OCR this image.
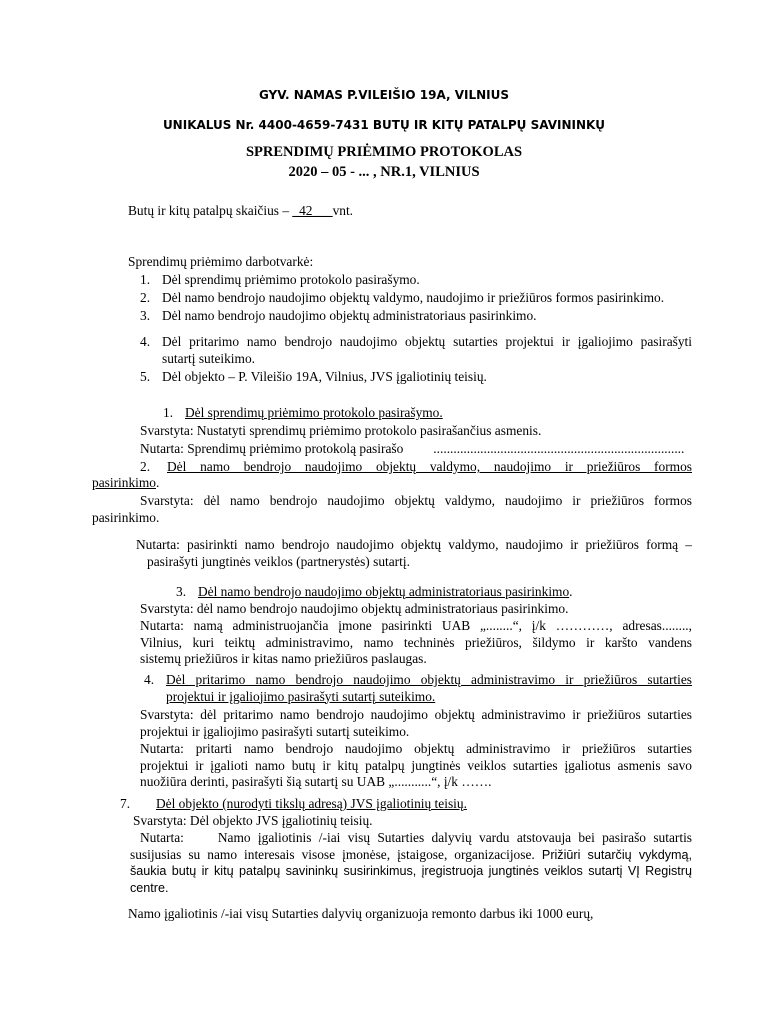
GYV. NAMAS P.VILEIŠIO 19A, VILNIUS
UNIKALUS Nr. 4400-4659-7431 BUTŲ IR KITŲ PATALPŲ SAVININKŲ
SPRENDIMŲ PRIĖMIMO PROTOKOLAS
2020 – 05 - ... , NR.1, VILNIUS
Butų ir kitų patalpų skaičius – _42___vnt.
Sprendimų priėmimo darbotvarkė:
1. Dėl sprendimų priėmimo protokolo pasirašymo.
2. Dėl namo bendrojo naudojimo objektų valdymo, naudojimo ir priežiūros formos pasirinkimo.
3. Dėl namo bendrojo naudojimo objektų administratoriaus pasirinkimo.
4. Dėl pritarimo namo bendrojo naudojimo objektų sutarties projektui ir įgaliojimo pasirašyti
sutartį suteikimo.
5. Dėl objekto – P. Vileišio 19A, Vilnius, JVS įgaliotinių teisių.
1. Dėl sprendimų priėmimo protokolo pasirašymo.
Svarstyta: Nustatyti sprendimų priėmimo protokolo pasirašančius asmenis.
Nutarta: Sprendimų priėmimo protokolą pasirašo ...........................................................................
2. Dėl namo bendrojo naudojimo objektų valdymo, naudojimo ir priežiūros formos
pasirinkimo.
Svarstyta: dėl namo bendrojo naudojimo objektų valdymo, naudojimo ir priežiūros formos
pasirinkimo.
Nutarta: pasirinkti namo bendrojo naudojimo objektų valdymo, naudojimo ir priežiūros formą –
pasirašyti jungtinės veiklos (partnerystės) sutartį.
3. Dėl namo bendrojo naudojimo objektų administratoriaus pasirinkimo.
Svarstyta: dėl namo bendrojo naudojimo objektų administratoriaus pasirinkimo.
Nutarta: namą administruojančia įmone pasirinkti UAB „........“, į/k …………, adresas........,
Vilnius, kuri teiktų administravimo, namo techninės priežiūros, šildymo ir karšto vandens
sistemų priežiūros ir kitas namo priežiūros paslaugas.
4. Dėl pritarimo namo bendrojo naudojimo objektų administravimo ir priežiūros sutarties
projektui ir įgaliojimo pasirašyti sutartį suteikimo.
Svarstyta: dėl pritarimo namo bendrojo naudojimo objektų administravimo ir priežiūros sutarties
projektui ir įgaliojimo pasirašyti sutartį suteikimo.
Nutarta: pritarti namo bendrojo naudojimo objektų administravimo ir priežiūros sutarties
projektui ir įgalioti namo butų ir kitų patalpų jungtinės veiklos sutarties įgaliotus asmenis savo
nuožiūra derinti, pasirašyti šią sutartį su UAB „...........“, į/k …….
7. Dėl objekto (nurodyti tikslų adresą) JVS įgaliotinių teisių.
Svarstyta: Dėl objekto JVS įgaliotinių teisių.
Nutarta:	Namo įgaliotinis /-iai visų Sutarties dalyvių vardu atstovauja bei pasirašo sutartis
susijusias su namo interesais visose įmonėse, įstaigose, organizacijose. Prižiūri sutarčių vykdymą,
šaukia butų ir kitų patalpų savininkų susirinkimus, įregistruoja jungtinės veiklos sutartį VĮ Registrų
centre.
Namo įgaliotinis /-iai visų Sutarties dalyvių organizuoja remonto darbus iki 1000 eurų,
